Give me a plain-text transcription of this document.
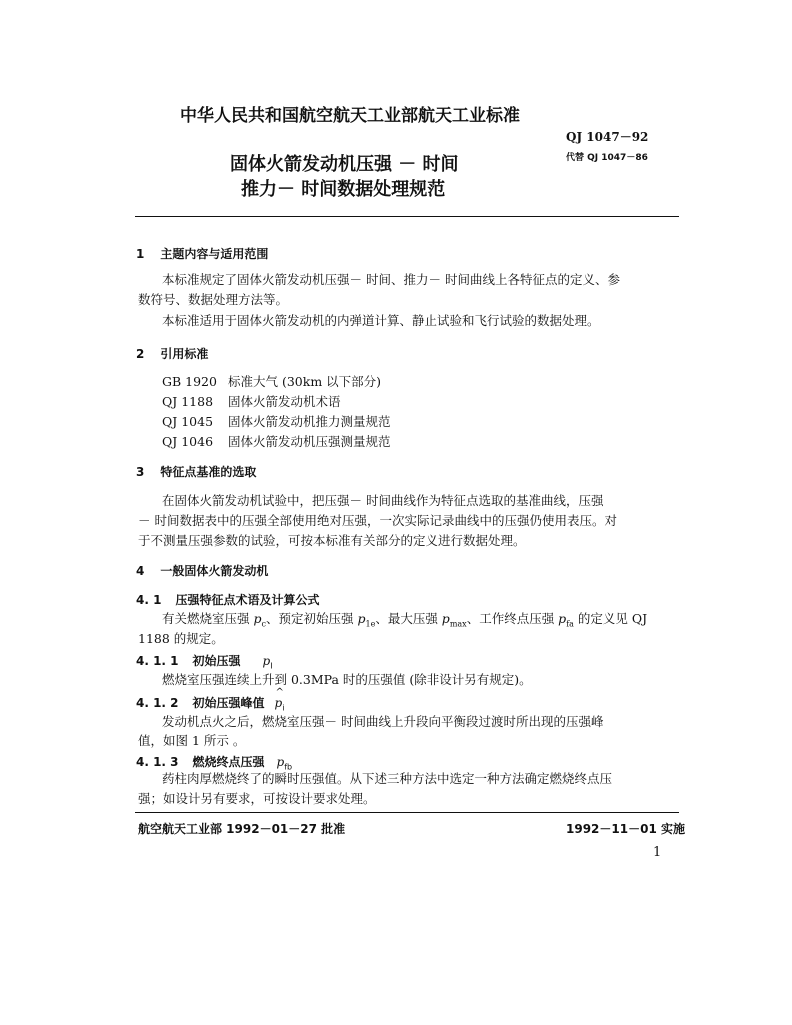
中华人民共和国航空航天工业部航天工业标准
QJ 1047－92
代替 QJ 1047－86
固体火箭发动机压强 － 时间
推力－ 时间数据处理规范
1 主题内容与适用范围
本标准规定了固体火箭发动机压强－ 时间、推力－ 时间曲线上各特征点的定义、参
数符号、数据处理方法等。
本标准适用于固体火箭发动机的内弹道计算、静止试验和飞行试验的数据处理。
2 引用标准
GB 1920 标准大气 (30km 以下部分)
QJ 1188 固体火箭发动机术语
QJ 1045 固体火箭发动机推力测量规范
QJ 1046 固体火箭发动机压强测量规范
3 特征点基准的选取
在固体火箭发动机试验中，把压强－ 时间曲线作为特征点选取的基准曲线，压强
－ 时间数据表中的压强全部使用绝对压强，一次实际记录曲线中的压强仍使用表压。对
于不测量压强参数的试验，可按本标准有关部分的定义进行数据处理。
4 一般固体火箭发动机
4. 1 压强特征点术语及计算公式
有关燃烧室压强 $p_c$、预定初始压强 $p_{1e}$、最大压强 $p_{max}$、工作终点压强 $p_{fa}$ 的定义见 QJ
1188 的规定。
4. 1. 1 初始压强 $p_I$
燃烧室压强连续上升到 0.3MPa 时的压强值 (除非设计另有规定)。
4. 1. 2 初始压强峰值^ $p_i$
发动机点火之后，燃烧室压强－ 时间曲线上升段向平衡段过渡时所出现的压强峰
值，如图 1 所示 。
4. 1. 3 燃烧终点压强 $p_{fb}$
药柱肉厚燃烧终了的瞬时压强值。从下述三种方法中选定一种方法确定燃烧终点压
强；如设计另有要求，可按设计要求处理。
航空航天工业部 1992－01－27 批准	1992－11－01 实施
1
